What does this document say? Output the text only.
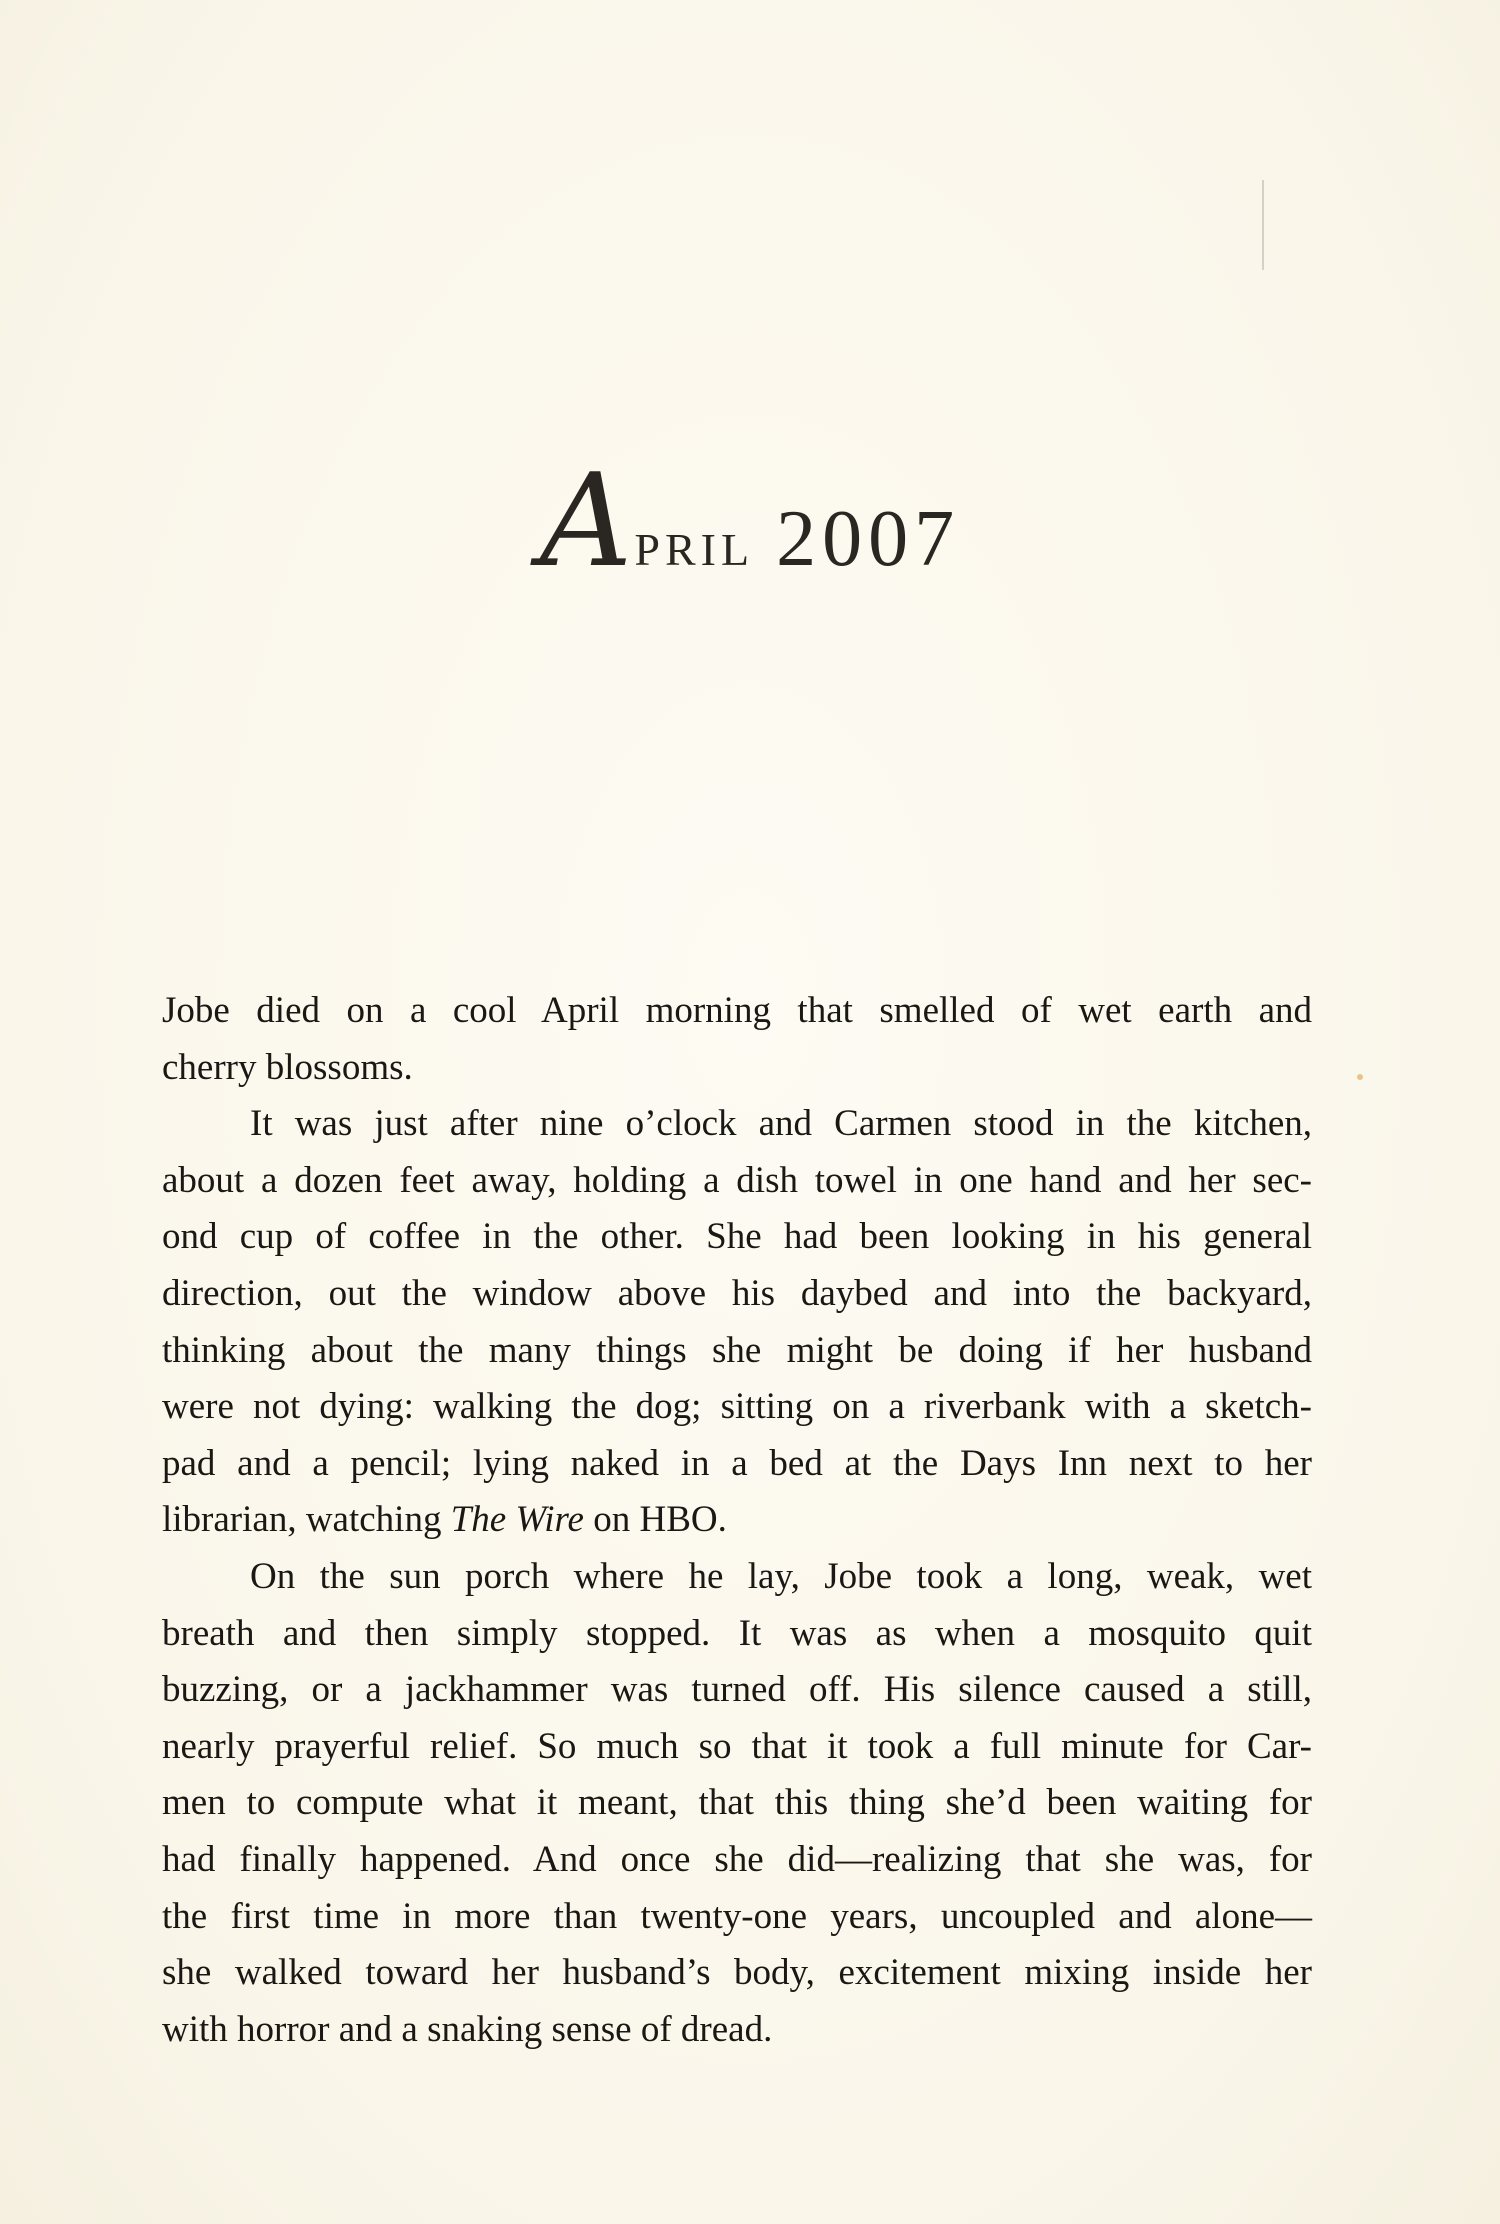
APRIL 2007

Jobe died on a cool April morning that smelled of wet earth and
cherry blossoms.

It was just after nine o’clock and Carmen stood in the kitchen,
about a dozen feet away, holding a dish towel in one hand and her sec-
ond cup of coffee in the other. She had been looking in his general
direction, out the window above his daybed and into the backyard,
thinking about the many things she might be doing if her husband
were not dying: walking the dog; sitting on a riverbank with a sketch-
pad and a pencil; lying naked in a bed at the Days Inn next to her
librarian, watching The Wire on HBO.

On the sun porch where he lay, Jobe took a long, weak, wet
breath and then simply stopped. It was as when a mosquito quit
buzzing, or a jackhammer was turned off. His silence caused a still,
nearly prayerful relief. So much so that it took a full minute for Car-
men to compute what it meant, that this thing she’d been waiting for
had finally happened. And once she did—realizing that she was, for
the first time in more than twenty-one years, uncoupled and alone—
she walked toward her husband’s body, excitement mixing inside her
with horror and a snaking sense of dread.
